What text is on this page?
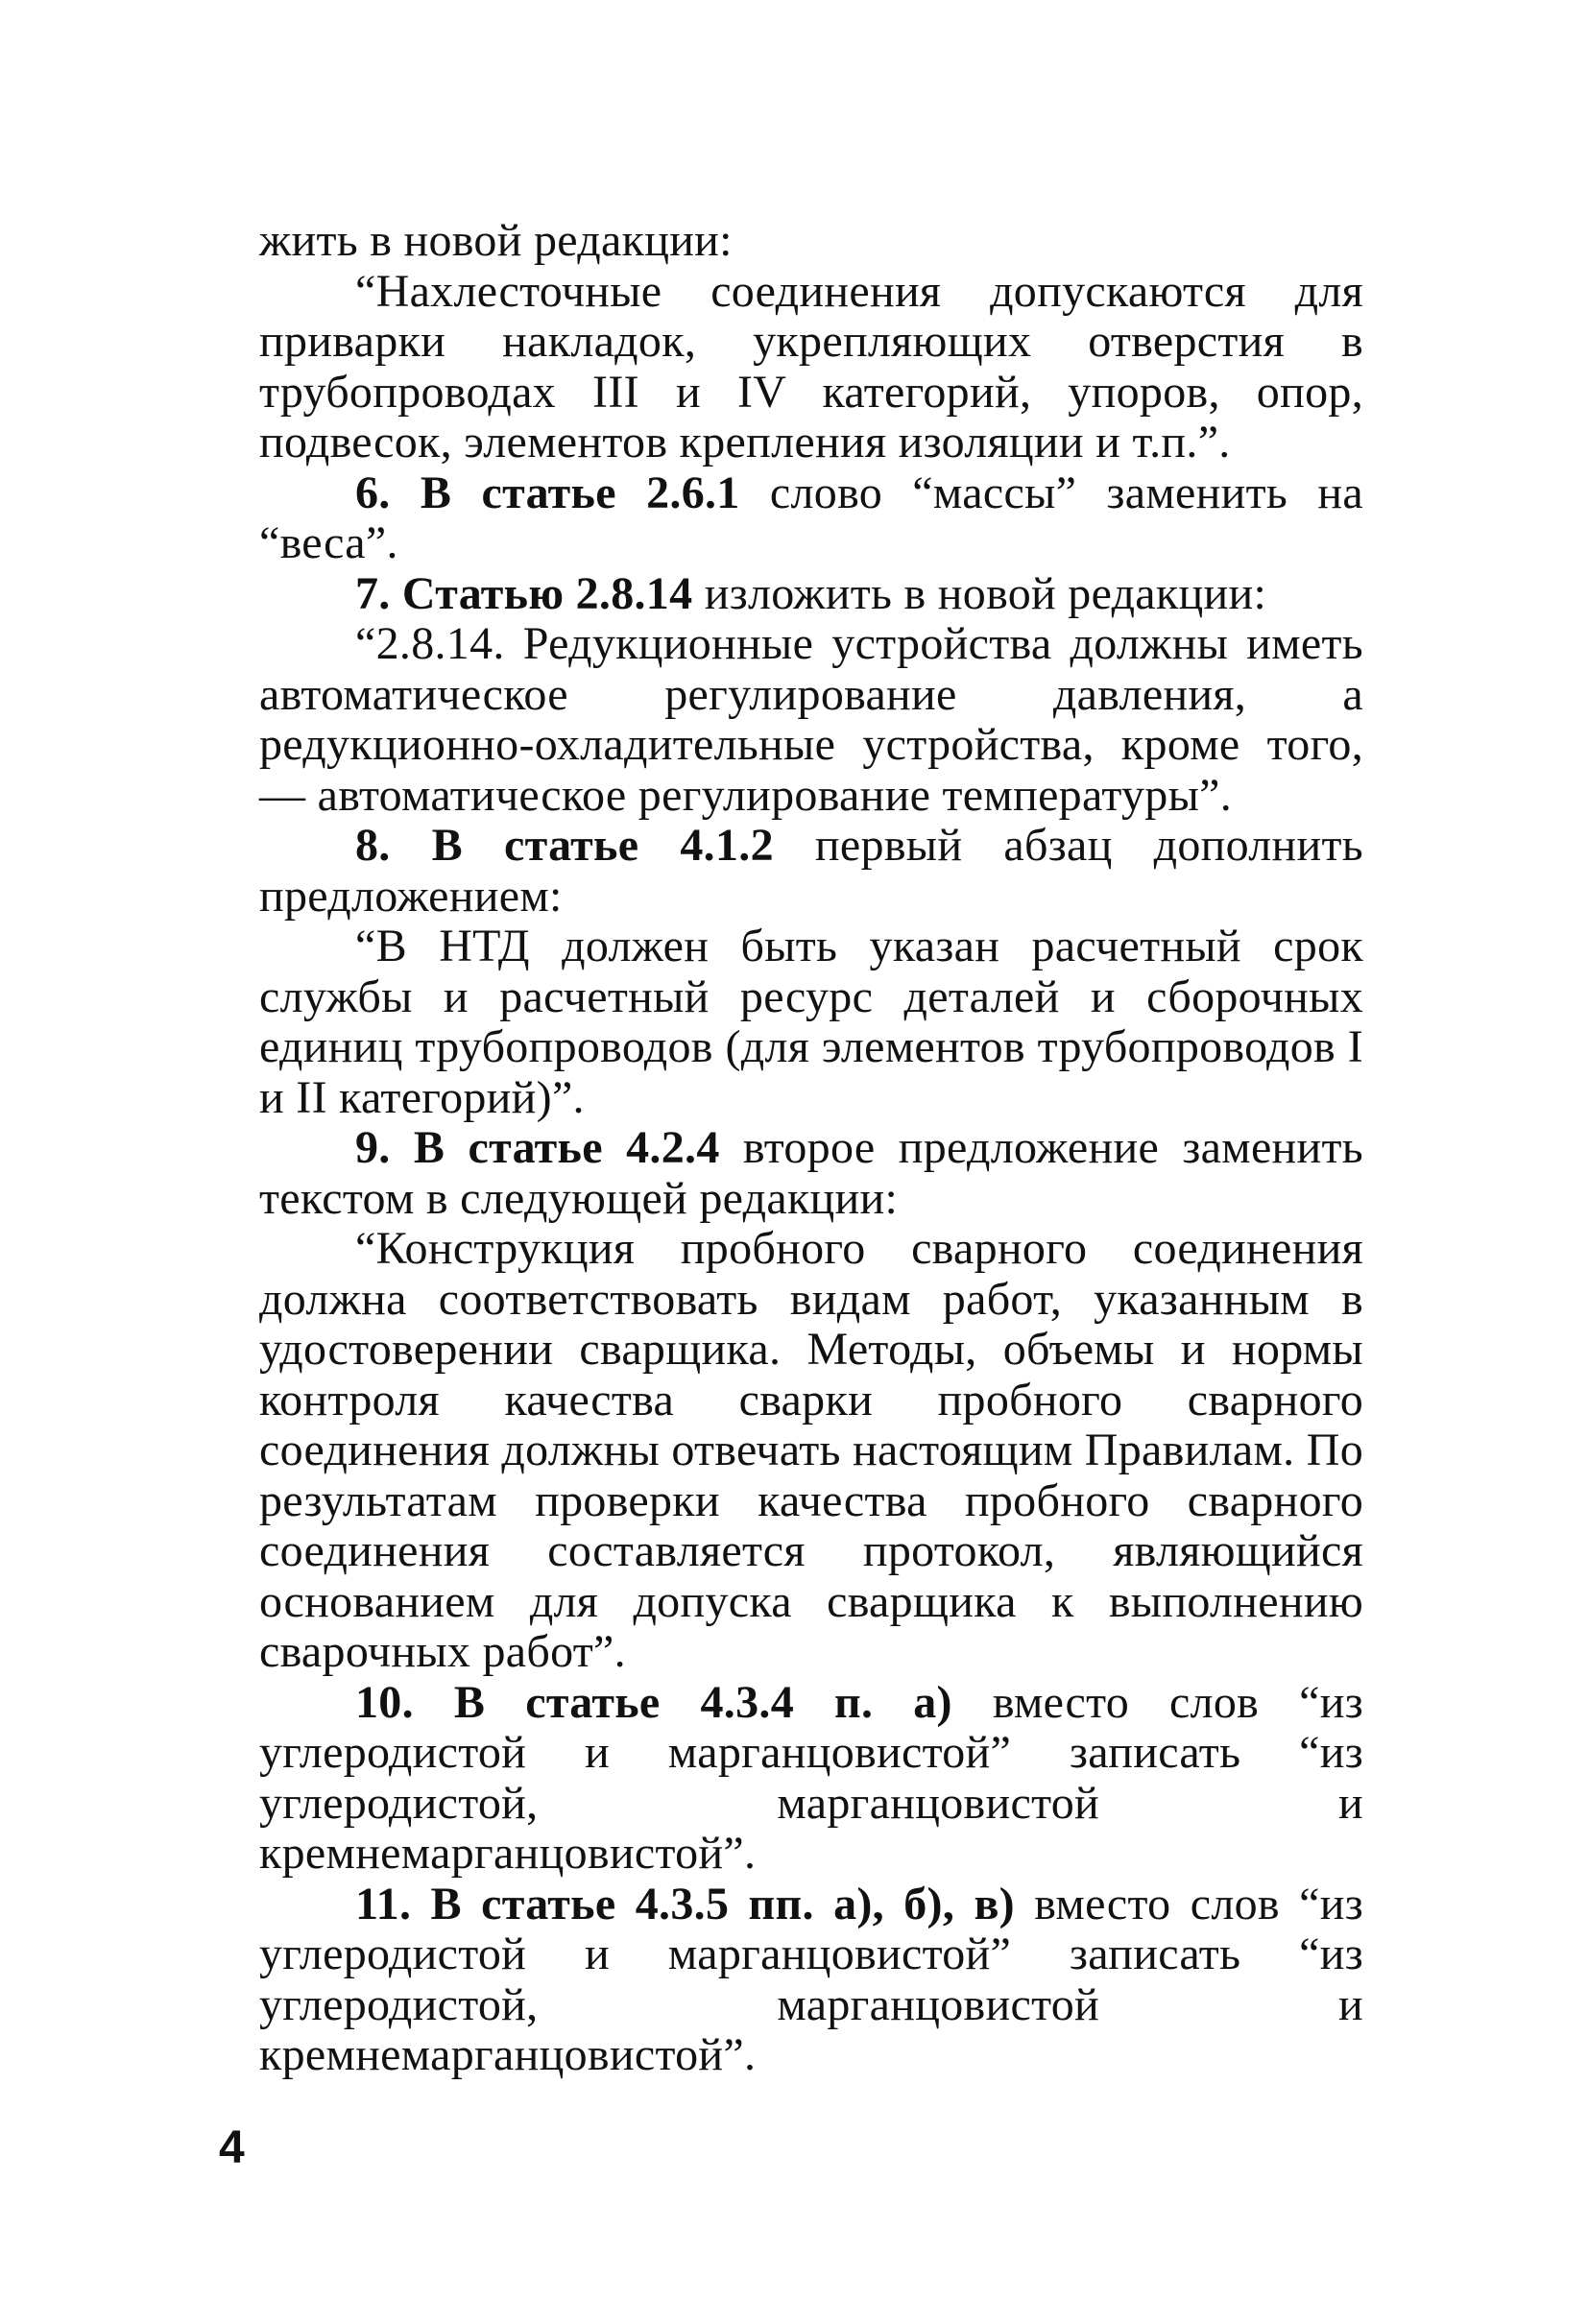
жить в новой редакции:

“Нахлесточные соединения допускаются для приварки накладок, укрепляющих отверстия в трубопроводах III и IV категорий, упоров, опор, подвесок, элементов крепления изоляции и т.п.”.

6. В статье 2.6.1 слово “массы” заменить на “веса”.

7. Статью 2.8.14 изложить в новой редакции:

“2.8.14. Редукционные устройства должны иметь автоматическое регулирование давления, а редукционно-охладительные устройства, кроме того, — автоматическое регулирование температуры”.

8. В статье 4.1.2 первый абзац дополнить предложением:

“В НТД должен быть указан расчетный срок службы и расчетный ресурс деталей и сборочных единиц трубопроводов (для элементов трубопроводов I и II категорий)”.

9. В статье 4.2.4 второе предложение заменить текстом в следующей редакции:

“Конструкция пробного сварного соединения должна соответствовать видам работ, указанным в удостоверении сварщика. Методы, объемы и нормы контроля качества сварки пробного сварного соединения должны отвечать настоящим Правилам. По результатам проверки качества пробного сварного соединения составляется протокол, являющийся основанием для допуска сварщика к выполнению сварочных работ”.

10. В статье 4.3.4 п. а) вместо слов “из углеродистой и марганцовистой” записать “из углеродистой, марганцовистой и кремнемарганцовистой”.

11. В статье 4.3.5 пп. а), б), в) вместо слов “из углеродистой и марганцовистой” записать “из углеродистой, марганцовистой и кремнемарганцовистой”.

4
